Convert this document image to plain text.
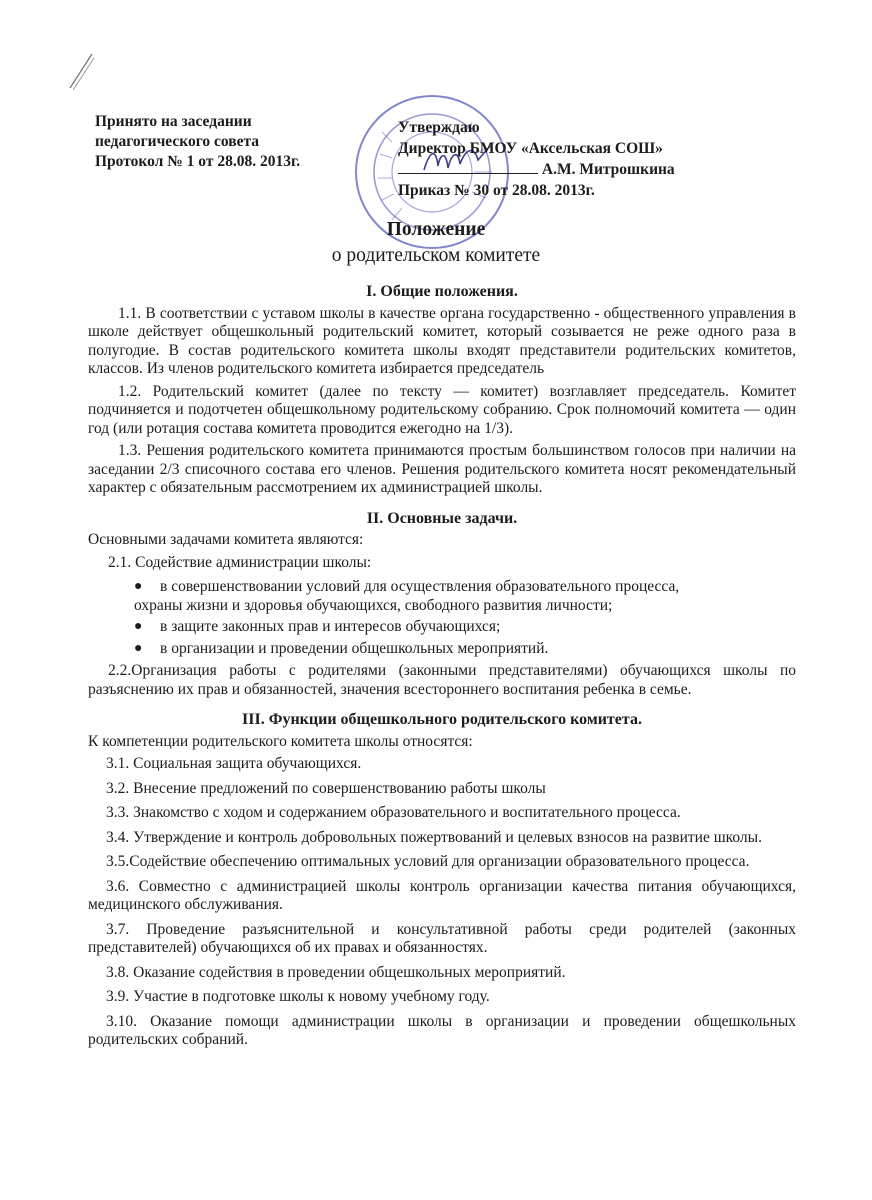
Принято на заседании
педагогического совета
Протокол № 1 от 28.08. 2013г.
Утверждаю
Директор БМОУ «Аксельская СОШ»
А.М. Митрошкина
Приказ № 30 от 28.08. 2013г.
Положение
о родительском комитете
I. Общие положения.
1.1. В соответствии с уставом школы в качестве органа государственно - общественного управления в школе действует общешкольный родительский комитет, который созывается не реже одного раза в полугодие. В состав родительского комитета школы входят представители родительских комитетов, классов. Из членов родительского комитета избирается председатель
1.2. Родительский комитет (далее по тексту — комитет) возглавляет председатель. Комитет подчиняется и подотчетен общешкольному родительскому собранию. Срок полномочий комитета — один год (или ротация состава комитета проводится ежегодно на 1/3).
1.3. Решения родительского комитета принимаются простым большинством голосов при наличии на заседании 2/3 списочного состава его членов. Решения родительского комитета носят рекомендательный характер с обязательным рассмотрением их администрацией школы.
II. Основные задачи.
Основными задачами комитета являются:
2.1. Содействие администрации школы:
● в совершенствовании условий для осуществления образовательного процесса,
охраны жизни и здоровья обучающихся, свободного развития личности;
● в защите законных прав и интересов обучающихся;
● в организации и проведении общешкольных мероприятий.
2.2.Организация работы с родителями (законными представителями) обучающихся школы по разъяснению их прав и обязанностей, значения всестороннего воспитания ребенка в семье.
III. Функции общешкольного родительского комитета.
К компетенции родительского комитета школы относятся:
3.1. Социальная защита обучающихся.
3.2. Внесение предложений по совершенствованию работы школы
3.3. Знакомство с ходом и содержанием образовательного и воспитательного процесса.
3.4. Утверждение и контроль добровольных пожертвований и целевых взносов на развитие школы.
3.5.Содействие обеспечению оптимальных условий для организации образовательного процесса.
3.6. Совместно с администрацией школы контроль организации качества питания обучающихся, медицинского обслуживания.
3.7. Проведение разъяснительной и консультативной работы среди родителей (законных представителей) обучающихся об их правах и обязанностях.
3.8. Оказание содействия в проведении общешкольных мероприятий.
3.9. Участие в подготовке школы к новому учебному году.
3.10. Оказание помощи администрации школы в организации и проведении общешкольных родительских собраний.
